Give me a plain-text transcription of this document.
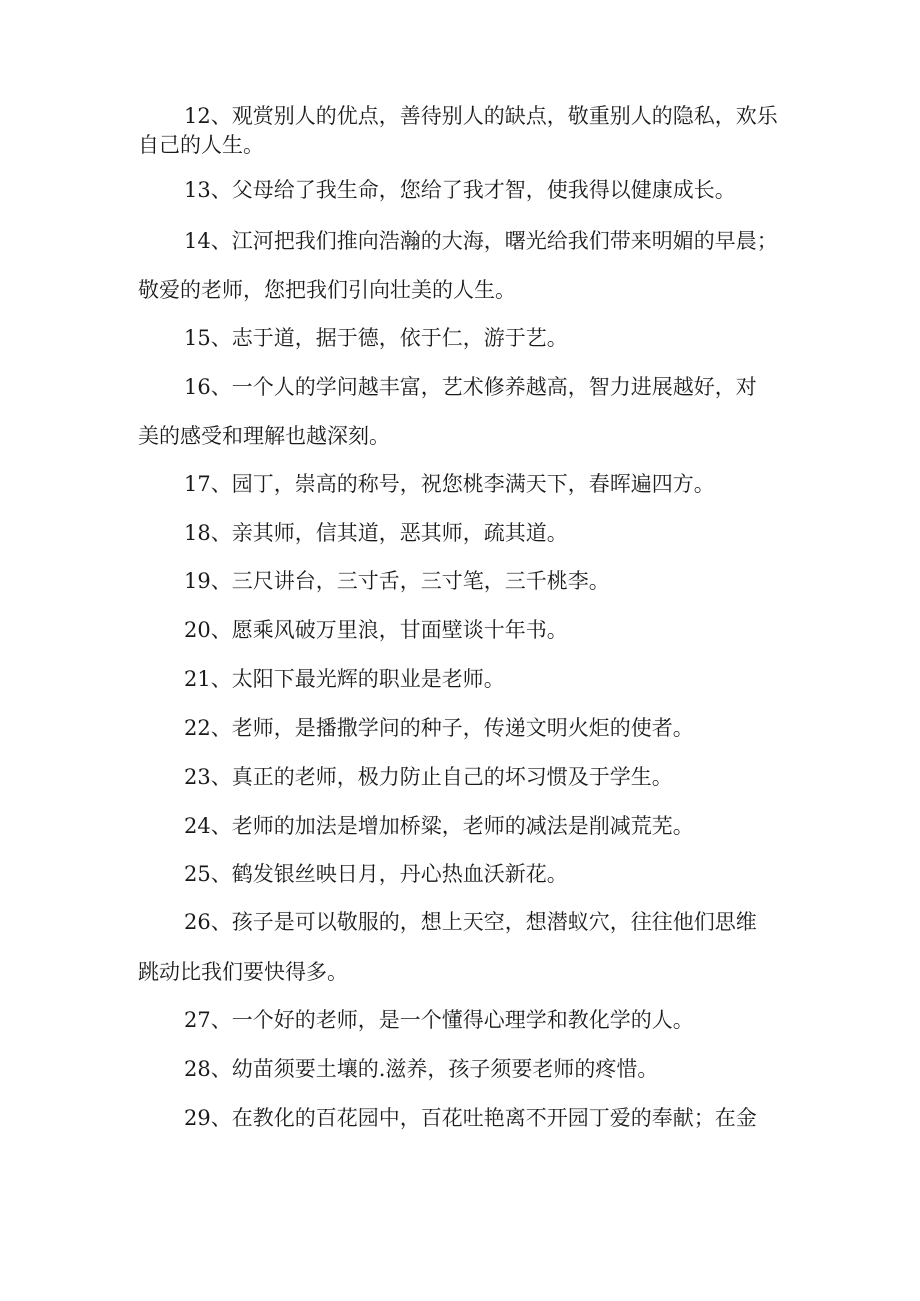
12、观赏别人的优点，善待别人的缺点，敬重别人的隐私，欢乐
自己的人生。
13、父母给了我生命，您给了我才智，使我得以健康成长。
14、江河把我们推向浩瀚的大海，曙光给我们带来明媚的早晨；
敬爱的老师，您把我们引向壮美的人生。
15、志于道，据于德，依于仁，游于艺。
16、一个人的学问越丰富，艺术修养越高，智力进展越好，对
美的感受和理解也越深刻。
17、园丁，崇高的称号，祝您桃李满天下，春晖遍四方。
18、亲其师，信其道，恶其师，疏其道。
19、三尺讲台，三寸舌，三寸笔，三千桃李。
20、愿乘风破万里浪，甘面壁谈十年书。
21、太阳下最光辉的职业是老师。
22、老师，是播撒学问的种子，传递文明火炬的使者。
23、真正的老师，极力防止自己的坏习惯及于学生。
24、老师的加法是增加桥粱，老师的减法是削减荒芜。
25、鹤发银丝映日月，丹心热血沃新花。
26、孩子是可以敬服的，想上天空，想潜蚁穴，往往他们思维
跳动比我们要快得多。
27、一个好的老师，是一个懂得心理学和教化学的人。
28、幼苗须要土壤的.滋养，孩子须要老师的疼惜。
29、在教化的百花园中，百花吐艳离不开园丁爱的奉献；在金
